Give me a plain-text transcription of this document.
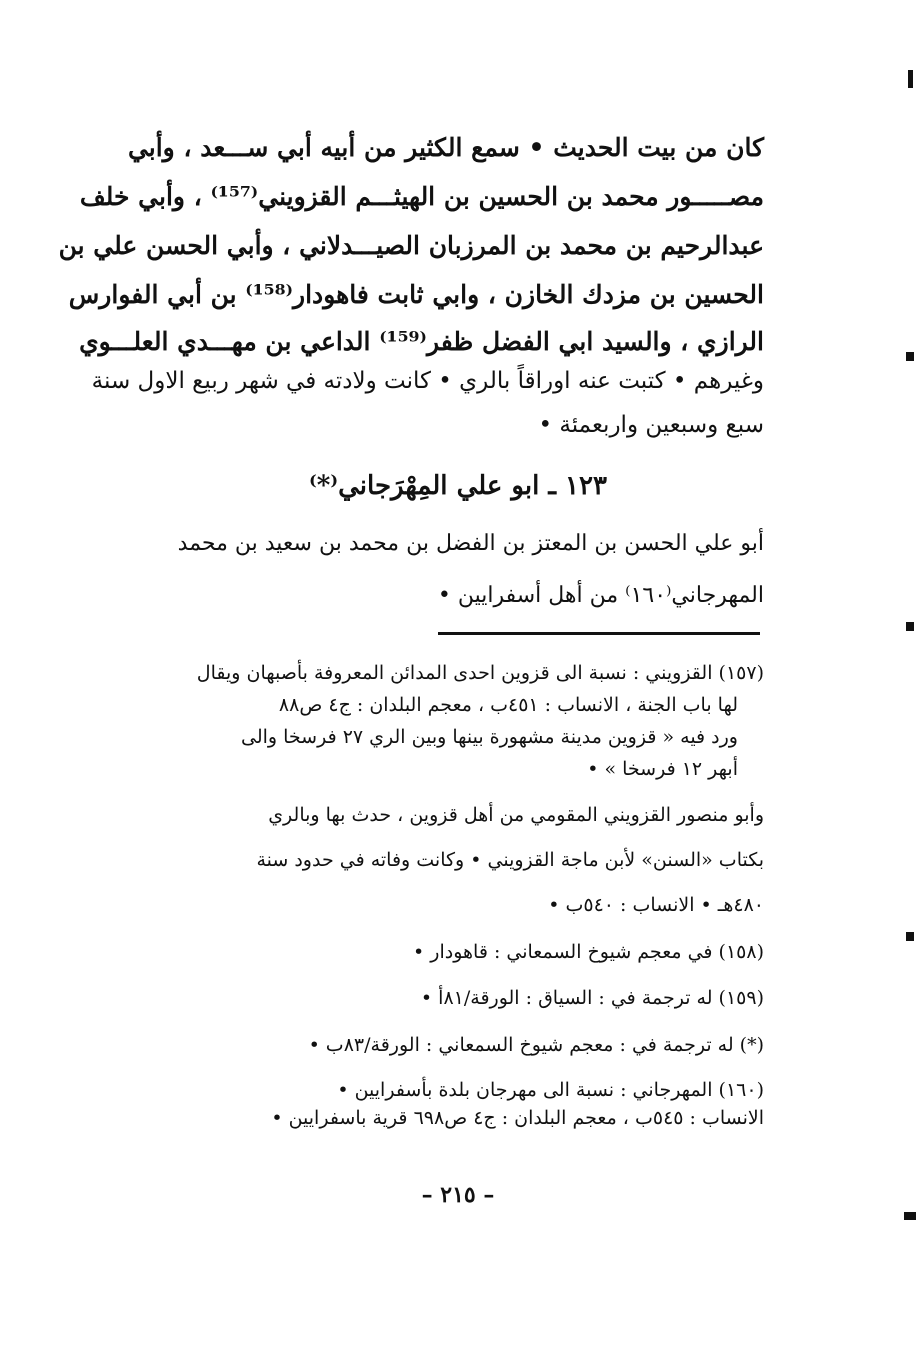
كان من بيت الحديث • سمع الكثير من أبيه أبي ســـعد ، وأبي
مصـــــور محمد بن الحسين بن الهيثـــم القزويني⁽¹⁵⁷⁾ ، وأبي خلف
عبدالرحيم بن محمد بن المرزبان الصيـــدلاني ، وأبي الحسن علي بن
الحسين بن مزدك الخازن ، وابي ثابت فاهودار⁽¹⁵⁸⁾ بن أبي الفوارس
الرازي ، والسيد ابي الفضل ظفر⁽¹⁵⁹⁾ الداعي بن مهـــدي العلـــوي
وغيرهم • كتبت عنه اوراقاً بالري • كانت ولادته في شهر ربيع الاول سنة
سبع وسبعين واربعمئة •
١٢٣ ـ ابو علي المِهْرَجاني⁽*⁾
أبو علي الحسن بن المعتز بن الفضل بن محمد بن سعيد بن محمد
المهرجاني⁽١٦٠⁾ من أهل أسفرايين •
(١٥٧) القزويني : نسبة الى قزوين احدى المدائن المعروفة بأصبهان ويقال
لها باب الجنة ، الانساب : ٤٥١ب ، معجم البلدان : ج٤ ص٨٨
ورد فيه « قزوين مدينة مشهورة بينها وبين الري ٢٧ فرسخا والى
أبهر ١٢ فرسخا » •
وأبو منصور القزويني المقومي من أهل قزوين ، حدث بها وبالري
بكتاب «السنن» لأبن ماجة القزويني • وكانت وفاته في حدود سنة
٤٨٠هـ • الانساب : ٥٤٠ب •
(١٥٨) في معجم شيوخ السمعاني : قاهودار •
(١٥٩) له ترجمة في : السياق : الورقة/٨١أ •
(*) له ترجمة في : معجم شيوخ السمعاني : الورقة/٨٣ب •
(١٦٠) المهرجاني : نسبة الى مهرجان بلدة بأسفرايين •
الانساب : ٥٤٥ب ، معجم البلدان : ج٤ ص٦٩٨ قرية باسفرايين •
– ٢١٥ –
